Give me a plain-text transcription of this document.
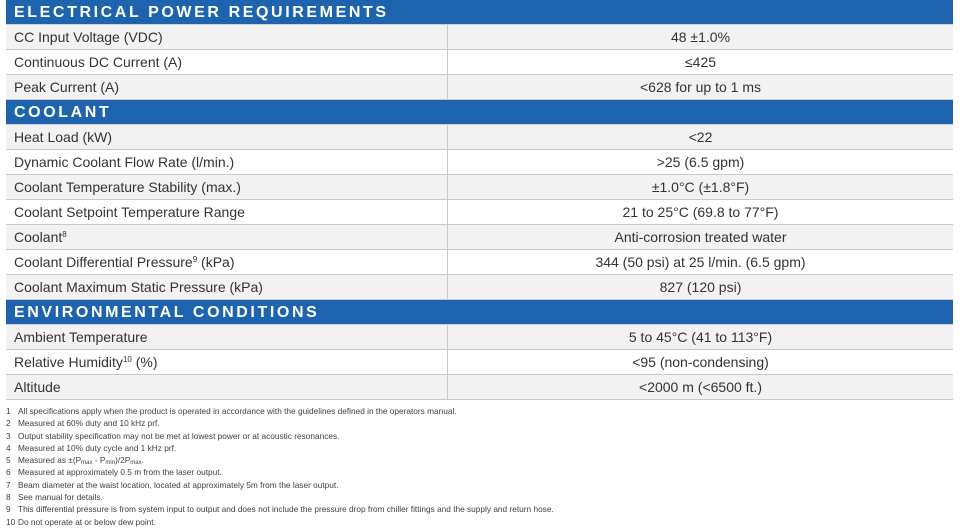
ELECTRICAL POWER REQUIREMENTS
CC Input Voltage (VDC)	48 ±1.0%
Continuous DC Current (A)	≤425
Peak Current (A)	<628 for up to 1 ms
COOLANT
Heat Load (kW)	<22
Dynamic Coolant Flow Rate (l/min.)	>25 (6.5 gpm)
Coolant Temperature Stability (max.)	±1.0°C (±1.8°F)
Coolant Setpoint Temperature Range	21 to 25°C (69.8 to 77°F)
Coolant$^8$	Anti-corrosion treated water
Coolant Differential Pressure$^9$ (kPa)	344 (50 psi) at 25 l/min. (6.5 gpm)
Coolant Maximum Static Pressure (kPa)	827 (120 psi)
ENVIRONMENTAL CONDITIONS
Ambient Temperature	5 to 45°C (41 to 113°F)
Relative Humidity$^{10}$ (%)	<95 (non-condensing)
Altitude	<2000 m (<6500 ft.)
1 All specifications apply when the product is operated in accordance with the guidelines defined in the operators manual.
2 Measured at 60% duty and 10 kHz prf.
3 Output stability specification may not be met at lowest power or at acoustic resonances.
4 Measured at 10% duty cycle and 1 kHz prf.
5 Measured as $\pm(P_{max} - P_{min})/2P_{max}$.
6 Measured at approximately 0.5 m from the laser output.
7 Beam diameter at the waist location, located at approximately 5m from the laser output.
8 See manual for details.
9 This differential pressure is from system input to output and does not include the pressure drop from chiller fittings and the supply and return hose.
10 Do not operate at or below dew point.
